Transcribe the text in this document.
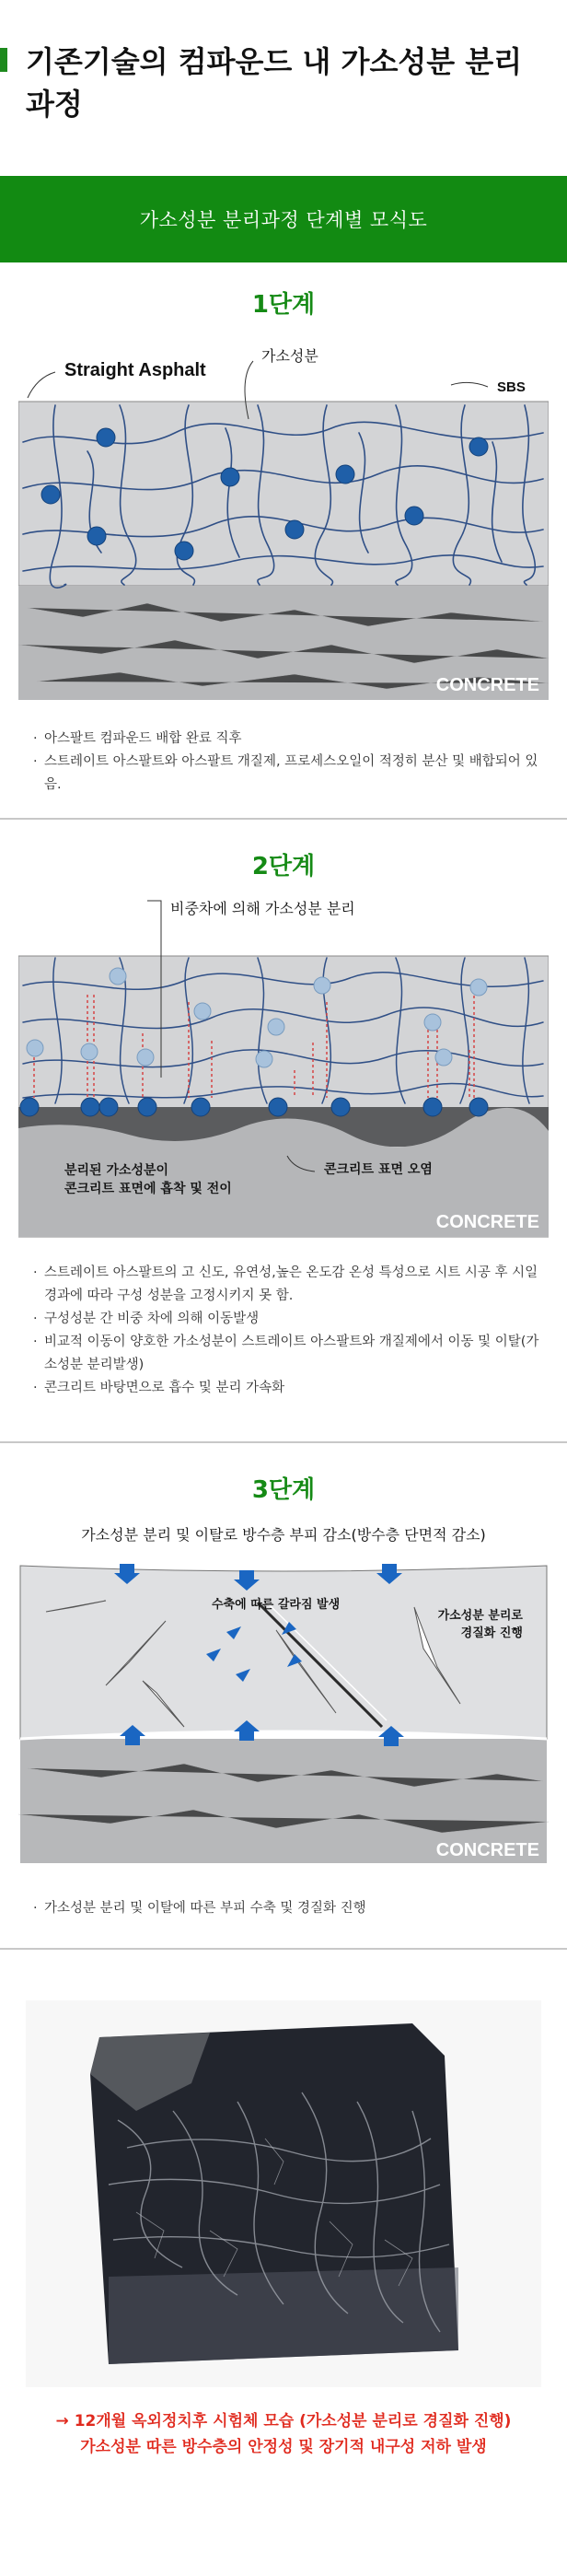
기존기술의 컴파운드 내 가소성분 분리과정
가소성분 분리과정 단계별 모식도
1단계
Straight Asphalt
가소성분
SBS
CONCRETE
· 아스팔트 컴파운드 배합 완료 직후
· 스트레이트 아스팔트와 아스팔트 개질제, 프로세스오일이 적정히 분산 및 배합되어 있음.
2단계
비중차에 의해 가소성분 분리
분리된 가소성분이
콘크리트 표면에 흡착 및 전이
콘크리트 표면 오염
CONCRETE
· 스트레이트 아스팔트의 고 신도, 유연성,높은 온도감 온성 특성으로 시트 시공 후 시일 경과에 따라 구성 성분을 고정시키지 못 함.
· 구성성분 간 비중 차에 의해 이동발생
· 비교적 이동이 양호한 가소성분이 스트레이트 아스팔트와 개질제에서 이동 및 이탈(가소성분 분리발생)
· 콘크리트 바탕면으로 흡수 및 분리 가속화
3단계
가소성분 분리 및 이탈로 방수층 부피 감소(방수층 단면적 감소)
수축에 따른 갈라짐 발생
가소성분 분리로
경질화 진행
CONCRETE
· 가소성분 분리 및 이탈에 따른 부피 수축 및 경질화 진행
→ 12개월 옥외정치후 시험체 모습 (가소성분 분리로 경질화 진행)
가소성분 따른 방수층의 안정성 및 장기적 내구성 저하 발생
